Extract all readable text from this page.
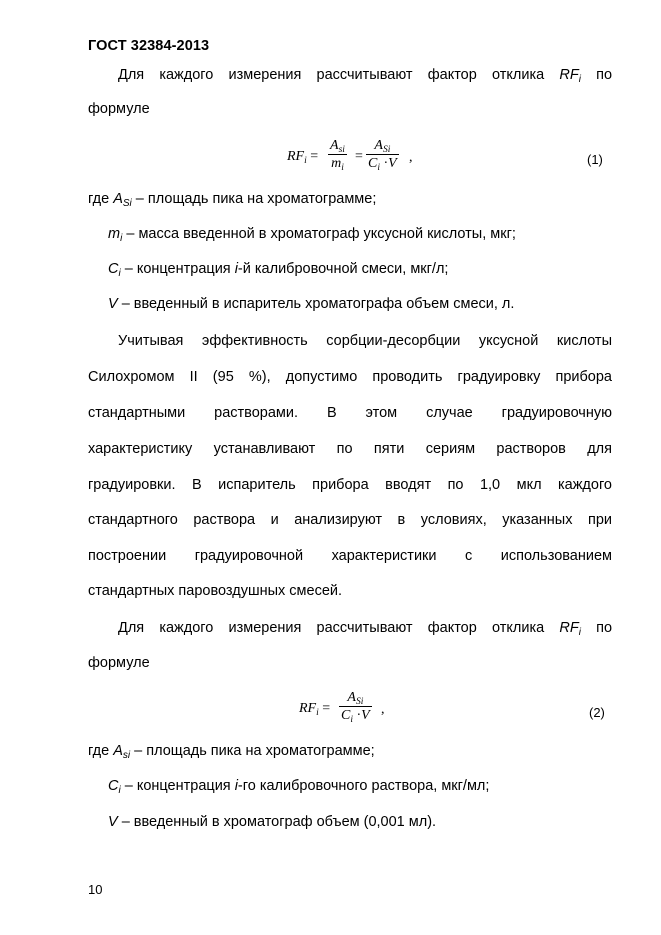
ГОСТ 32384-2013
Для каждого измерения рассчитывают фактор отклика $RF_i$ по
формуле
$RF_i$ =
$A_{si}$
$m_i$
=
$A_{Si}$
$C_i \cdot V$ ,	(1)
где $A_{Si}$ – площадь пика на хроматограмме;
$m_i$ – масса введенной в хроматограф уксусной кислоты, мкг;
$C_i$ – концентрация i-й калибровочной смеси, мкг/л;
V – введенный в испаритель хроматографа объем смеси, л.
Учитывая эффективность сорбции-десорбции уксусной кислоты
Силохромом II (95 %), допустимо проводить градуировку прибора
стандартными растворами. В этом случае градуировочную
характеристику устанавливают по пяти сериям растворов для
градуировки. В испаритель прибора вводят по 1,0 мкл каждого
стандартного раствора и анализируют в условиях, указанных при
построении градуировочной характеристики с использованием
стандартных паровоздушных смесей.
Для каждого измерения рассчитывают фактор отклика $RF_i$ по
формуле
$RF_i$ =
$A_{Si}$
$C_i \cdot V$ ,	(2)
где $A_{si}$ – площадь пика на хроматограмме;
$C_i$ – концентрация i-го калибровочного раствора, мкг/мл;
V – введенный в хроматограф объем (0,001 мл).
10
